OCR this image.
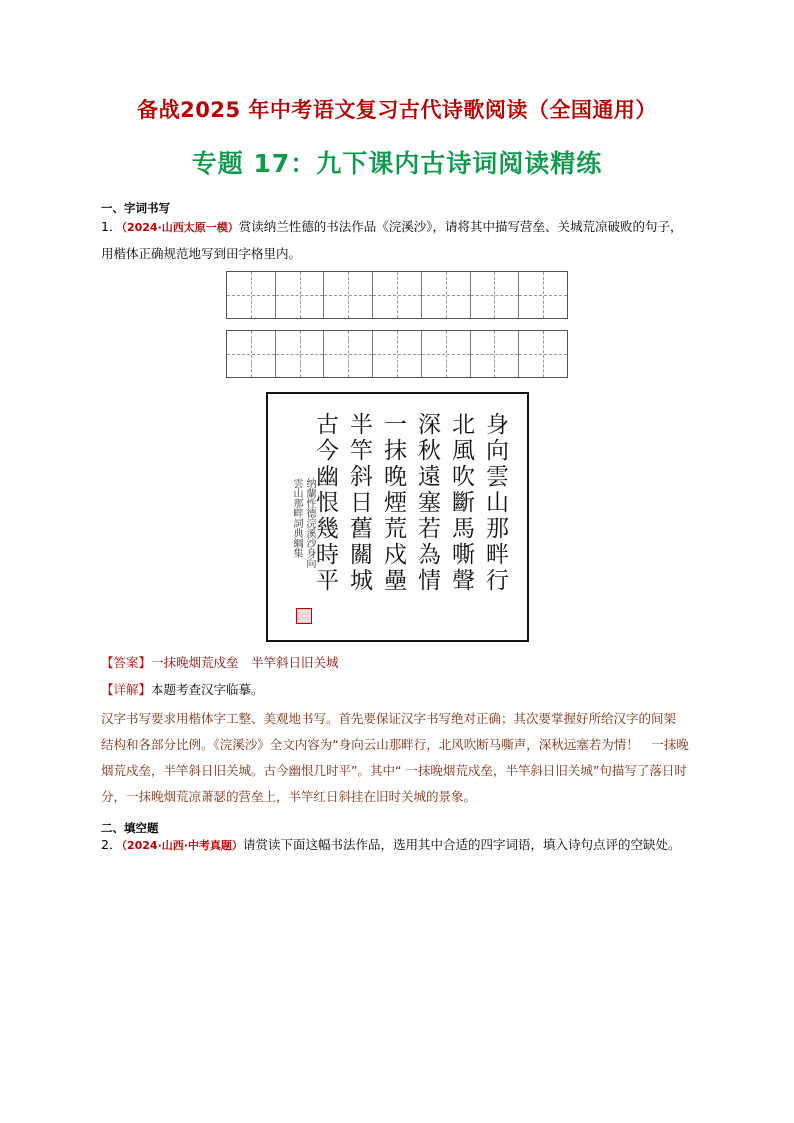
备战2025 年中考语文复习古代诗歌阅读（全国通用）
专题 17：九下课内古诗词阅读精练
一、字词书写
1．（2024·山西太原一模）赏读纳兰性德的书法作品《浣溪沙》，请将其中描写营垒、关城荒凉破败的句子，
用楷体正确规范地写到田字格里内。
身向雲山那畔行
北風吹斷馬嘶聲
深秋遠塞若為情
一抹晚煙荒戍壘
半竿斜日舊關城
古今幽恨幾時平
纳蘭性德浣溪沙身向
雲山那畔詞典綱集
【答案】一抹晚烟荒戍垒　半竿斜日旧关城
【详解】本题考查汉字临摹。
汉字书写要求用楷体字工整、美观地书写。首先要保证汉字书写绝对正确；其次要掌握好所给汉字的间架
结构和各部分比例。《浣溪沙》全文内容为“身向云山那畔行，北风吹断马嘶声，深秋远塞若为情！　一抹晚
烟荒戍垒，半竿斜日旧关城。古今幽恨几时平”。其中“ 一抹晚烟荒戍垒，半竿斜日旧关城”句描写了落日时
分，一抹晚烟荒凉萧瑟的营垒上，半竿红日斜挂在旧时关城的景象。
二、填空题
2．（2024·山西·中考真题）请赏读下面这幅书法作品，选用其中合适的四字词语，填入诗句点评的空缺处。
